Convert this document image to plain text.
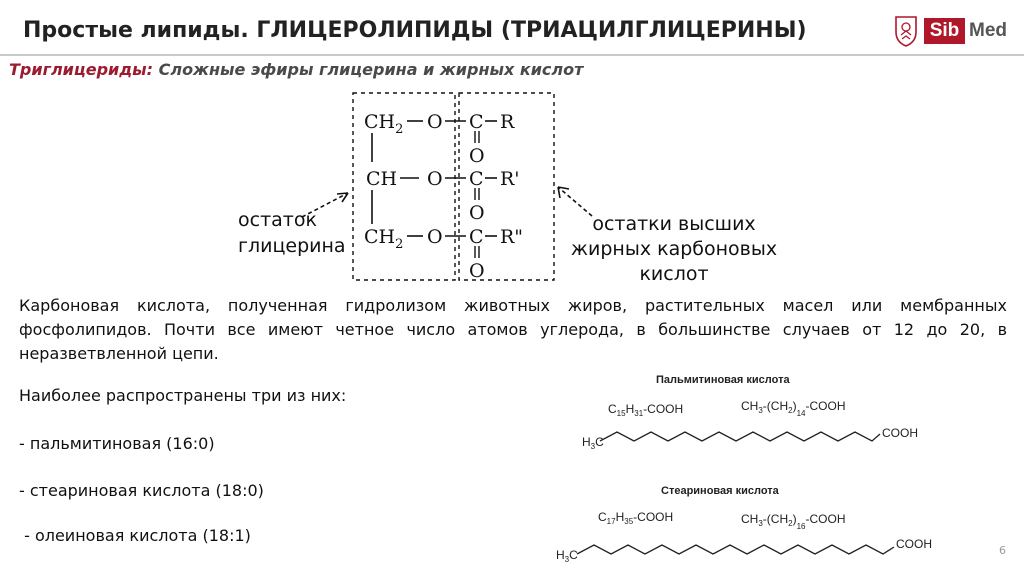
Простые липиды. ГЛИЦЕРОЛИПИДЫ (ТРИАЦИЛГЛИЦЕРИНЫ)	Sib Med
Триглицериды: Сложные эфиры глицерина и жирных кислот
$CH_2$ O C R
O
CH O C R'
O
$CH_2$ O C R"
O
остаток
глицерина
остатки высших
жирных карбоновых
кислот

Карбоновая кислота, полученная гидролизом животных жиров, растительных масел или мембранных фосфолипидов. Почти все имеют четное число атомов углерода, в большинстве случаев от 12 до 20, в неразветвленной цепи.

Наиболее распространены три из них:
- пальмитиновая (16:0)
- стеариновая кислота (18:0)
- олеиновая кислота (18:1)
Пальмитиновая кислота
$C_{15}H_{31}$-COOH	$CH_3-(CH_2)_{14}$-COOH
$H_3C$
COOH
Стеариновая кислота
$C_{17}H_{35}$-COOH	$CH_3-(CH_2)_{16}$-COOH
$H_3C$
COOH	6
